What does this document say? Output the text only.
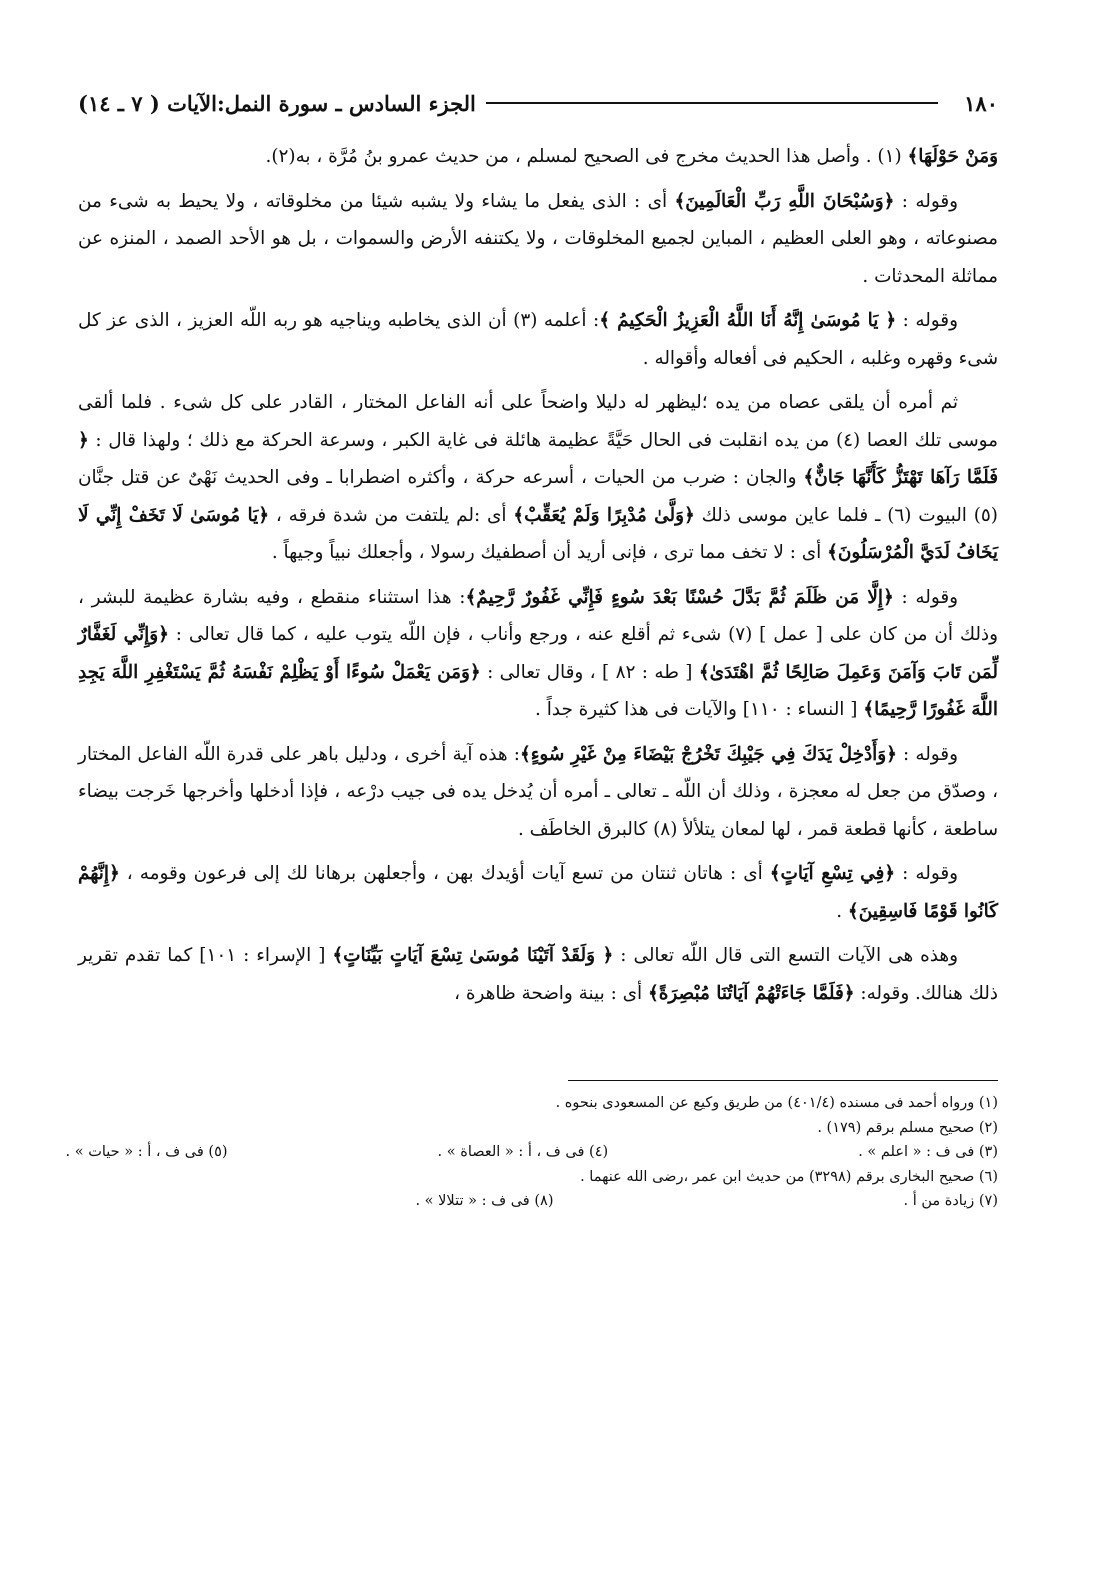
١٨٠
الجزء السادس ـ سورة النمل:الآيات ( ٧ ـ ١٤)

وَمَنْ حَوْلَهَا﴾ (١) . وأصل هذا الحديث مخرج فى الصحيح لمسلم ، من حديث عمرو بنُ مُرَّة ، به(٢).

وقوله : ﴿وَسُبْحَانَ اللَّهِ رَبِّ الْعَالَمِينَ﴾ أى : الذى يفعل ما يشاء ولا يشبه شيئا من مخلوقاته ، ولا يحيط به شىء من مصنوعاته ، وهو العلى العظيم ، المباين لجميع المخلوقات ، ولا يكتنفه الأرض والسموات ، بل هو الأحد الصمد ، المنزه عن مماثلة المحدثات .

وقوله : ﴿ يَا مُوسَىٰ إِنَّهُ أَنَا اللَّهُ الْعَزِيزُ الْحَكِيمُ ﴾: أعلمه (٣) أن الذى يخاطبه ويناجيه هو ربه اللّه العزيز ، الذى عز كل شىء وقهره وغلبه ، الحكيم فى أفعاله وأقواله .

ثم أمره أن يلقى عصاه من يده ؛ليظهر له دليلا واضحاً على أنه الفاعل المختار ، القادر على كل شىء . فلما ألقى موسى تلك العصا (٤) من يده انقلبت فى الحال حَيَّةً عظيمة هائلة فى غاية الكبر ، وسرعة الحركة مع ذلك ؛ ولهذا قال : ﴿ فَلَمَّا رَآهَا تَهْتَزُّ كَأَنَّهَا جَانٌّ﴾ والجان : ضرب من الحيات ، أسرعه حركة ، وأكثره اضطرابا ـ وفى الحديث نَهْىٌ عن قتل جنَّان (٥) البيوت (٦) ـ فلما عاين موسى ذلك ﴿وَلَّىٰ مُدْبِرًا وَلَمْ يُعَقِّبْ﴾ أى :لم يلتفت من شدة فرقه ، ﴿يَا مُوسَىٰ لَا تَخَفْ إِنِّي لَا يَخَافُ لَدَيَّ الْمُرْسَلُونَ﴾ أى : لا تخف مما ترى ، فإنى أريد أن أصطفيك رسولا ، وأجعلك نبياً وجيهاً .

وقوله : ﴿إِلَّا مَن ظَلَمَ ثُمَّ بَدَّلَ حُسْنًا بَعْدَ سُوءٍ فَإِنِّي غَفُورٌ رَّحِيمٌ﴾: هذا استثناء منقطع ، وفيه بشارة عظيمة للبشر ، وذلك أن من كان على [ عمل ] (٧) شىء ثم أقلع عنه ، ورجع وأناب ، فإن اللّه يتوب عليه ، كما قال تعالى : ﴿وَإِنِّي لَغَفَّارٌ لِّمَن تَابَ وَآمَنَ وَعَمِلَ صَالِحًا ثُمَّ اهْتَدَىٰ﴾ [ طه : ٨٢ ] ، وقال تعالى : ﴿وَمَن يَعْمَلْ سُوءًا أَوْ يَظْلِمْ نَفْسَهُ ثُمَّ يَسْتَغْفِرِ اللَّهَ يَجِدِ اللَّهَ غَفُورًا رَّحِيمًا﴾ [ النساء : ١١٠] والآيات فى هذا كثيرة جداً .

وقوله : ﴿وَأَدْخِلْ يَدَكَ فِي جَيْبِكَ تَخْرُجْ بَيْضَاءَ مِنْ غَيْرِ سُوءٍ﴾: هذه آية أخرى ، ودليل باهر على قدرة اللّه الفاعل المختار ، وصدّق من جعل له معجزة ، وذلك أن اللّه ـ تعالى ـ أمره أن يُدخل يده فى جيب درْعه ، فإذا أدخلها وأخرجها خَرجت بيضاء ساطعة ، كأنها قطعة قمر ، لها لمعان يتلألأ (٨) كالبرق الخاطَف .

وقوله : ﴿فِي تِسْعِ آيَاتٍ﴾ أى : هاتان ثنتان من تسع آيات أؤيدك بهن ، وأجعلهن برهانا لك إلى فرعون وقومه ، ﴿إِنَّهُمْ كَانُوا قَوْمًا فَاسِقِينَ﴾ .

وهذه هى الآيات التسع التى قال اللّه تعالى : ﴿ وَلَقَدْ آتَيْنَا مُوسَىٰ تِسْعَ آيَاتٍ بَيِّنَاتٍ﴾ [ الإسراء : ١٠١] كما تقدم تقرير ذلك هنالك. وقوله: ﴿فَلَمَّا جَاءَتْهُمْ آيَاتُنَا مُبْصِرَةً﴾ أى : بينة واضحة ظاهرة ،

(١) ورواه أحمد فى مسنده (٤٠١/٤) من طريق وكيع عن المسعودى بنحوه .

(٢) صحيح مسلم برقم (١٧٩) .

(٣) فى ف : « اعلم » .
(٤) فى ف ، أ : « العصاة » .
(٥) فى ف ، أ : « حيات » .

(٦) صحيح البخارى برقم (٣٢٩٨) من حديث ابن عمر ،رضى الله عنهما .

(٧) زيادة من أ .
(٨) فى ف : « تتلالا » .
